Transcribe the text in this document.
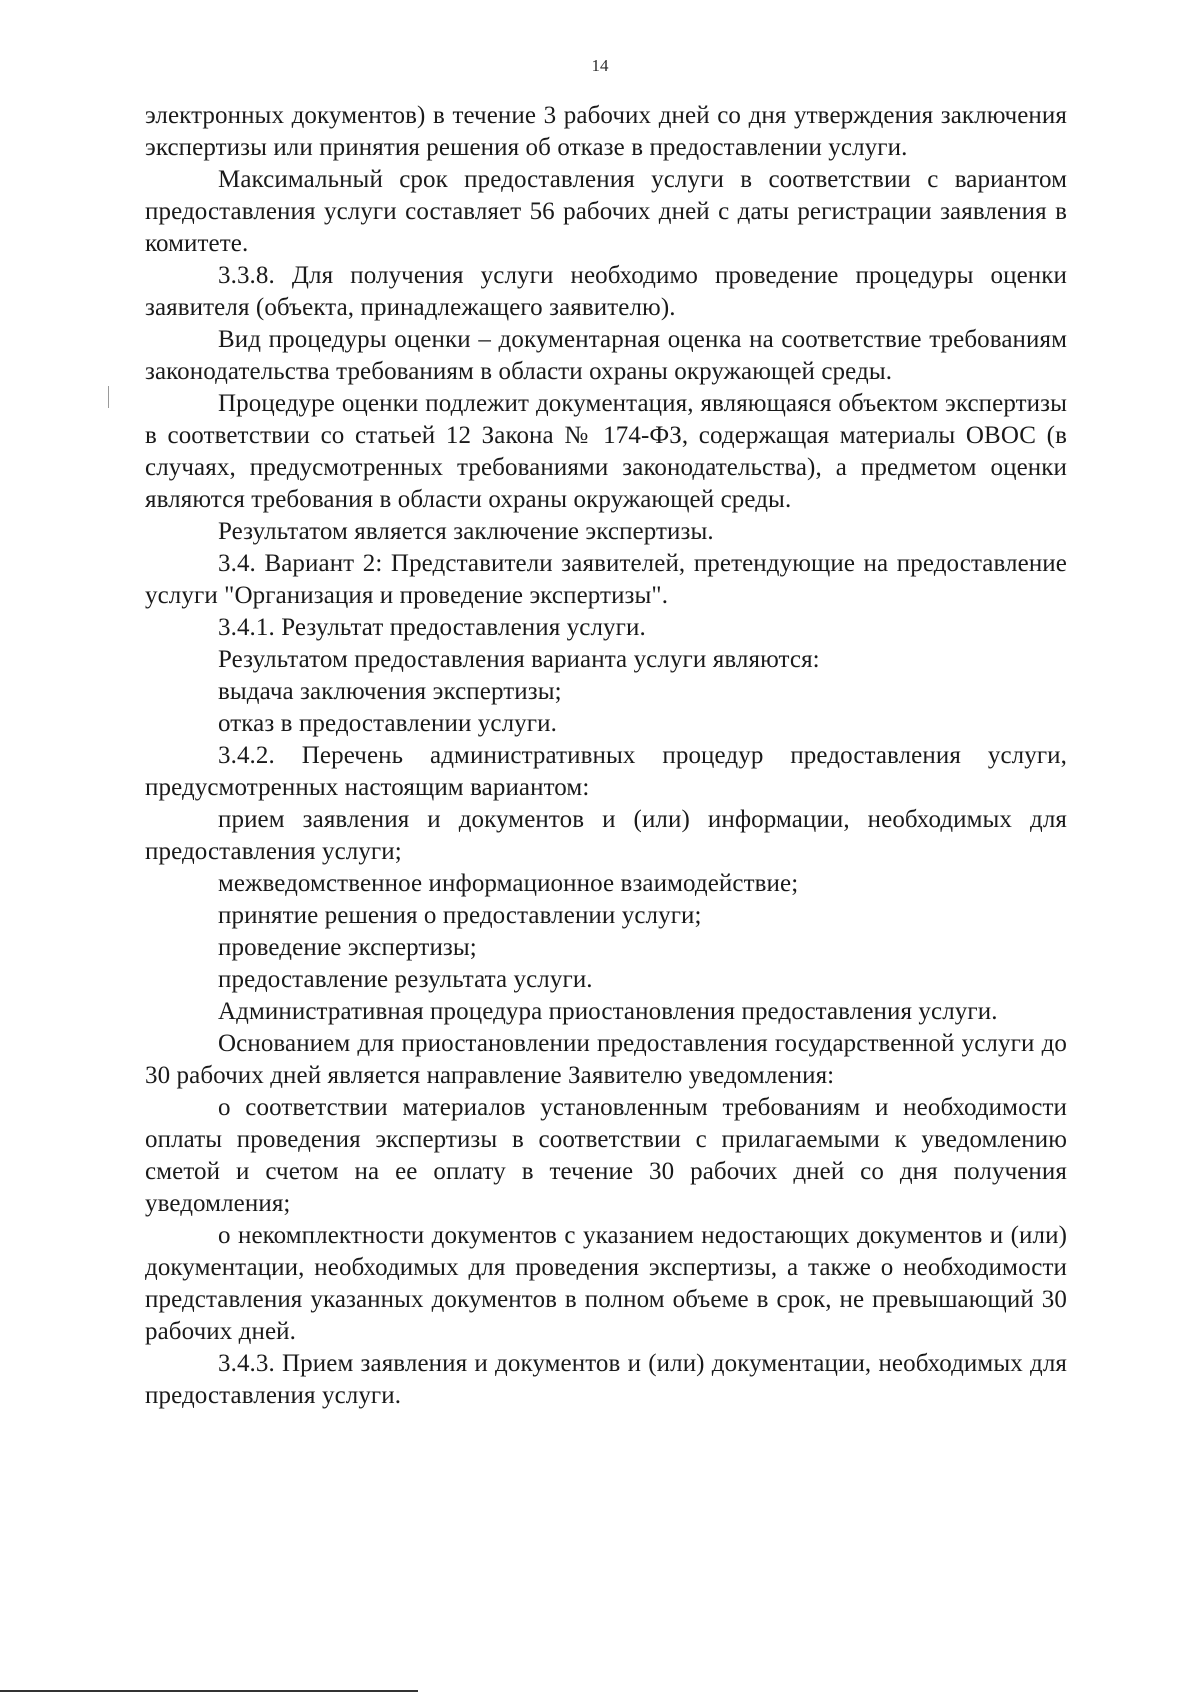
14

электронных документов) в течение 3 рабочих дней со дня утверждения заключения экспертизы или принятия решения об отказе в предоставлении услуги.

Максимальный срок предоставления услуги в соответствии с вариантом предоставления услуги составляет 56 рабочих дней с даты регистрации заявления в комитете.

3.3.8. Для получения услуги необходимо проведение процедуры оценки заявителя (объекта, принадлежащего заявителю).

Вид процедуры оценки – документарная оценка на соответствие требованиям законодательства требованиям в области охраны окружающей среды.

Процедуре оценки подлежит документация, являющаяся объектом экспертизы в соответствии со статьей 12 Закона № 174-ФЗ, содержащая материалы ОВОС (в случаях, предусмотренных требованиями законодательства), а предметом оценки являются требования в области охраны окружающей среды.

Результатом является заключение экспертизы.

3.4. Вариант 2: Представители заявителей, претендующие на предоставление услуги "Организация и проведение экспертизы".

3.4.1. Результат предоставления услуги.

Результатом предоставления варианта услуги являются:

выдача заключения экспертизы;

отказ в предоставлении услуги.

3.4.2. Перечень административных процедур предоставления услуги, предусмотренных настоящим вариантом:

прием заявления и документов и (или) информации, необходимых для предоставления услуги;

межведомственное информационное взаимодействие;

принятие решения о предоставлении услуги;

проведение экспертизы;

предоставление результата услуги.

Административная процедура приостановления предоставления услуги.

Основанием для приостановлении предоставления государственной услуги до 30 рабочих дней является направление Заявителю уведомления:

о соответствии материалов установленным требованиям и необходимости оплаты проведения экспертизы в соответствии с прилагаемыми к уведомлению сметой и счетом на ее оплату в течение 30 рабочих дней со дня получения уведомления;

о некомплектности документов с указанием недостающих документов и (или) документации, необходимых для проведения экспертизы, а также о необходимости представления указанных документов в полном объеме в срок, не превышающий 30 рабочих дней.

3.4.3. Прием заявления и документов и (или) документации, необходимых для предоставления услуги.
